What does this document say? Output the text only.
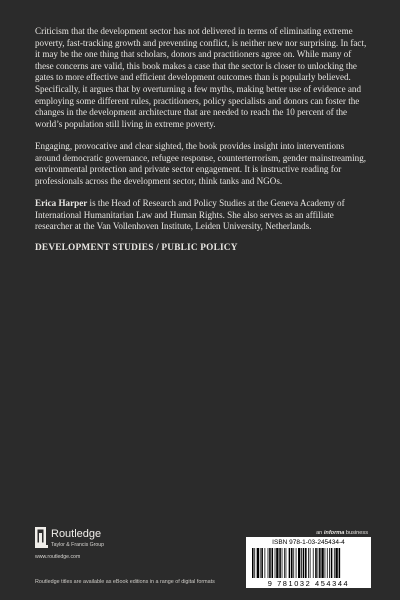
Criticism that the development sector has not delivered in terms of eliminating extreme poverty, fast-tracking growth and preventing conflict, is neither new nor surprising. In fact, it may be the one thing that scholars, donors and practitioners agree on. While many of these concerns are valid, this book makes a case that the sector is closer to unlocking the gates to more effective and efficient development outcomes than is popularly believed. Specifically, it argues that by overturning a few myths, making better use of evidence and employing some different rules, practitioners, policy specialists and donors can foster the changes in the development architecture that are needed to reach the 10 percent of the world’s population still living in extreme poverty.

Engaging, provocative and clear sighted, the book provides insight into interventions around democratic governance, refugee response, counterterrorism, gender mainstreaming, environmental protection and private sector engagement. It is instructive reading for professionals across the development sector, think tanks and NGOs.

Erica Harper is the Head of Research and Policy Studies at the Geneva Academy of International Humanitarian Law and Human Rights. She also serves as an affiliate researcher at the Van Vollenhoven Institute, Leiden University, Netherlands.

DEVELOPMENT STUDIES / PUBLIC POLICY

an informa business
Routledge
Taylor & Francis Group
www.routledge.com
ISBN 978-1-03-245434-4
9 781032 454344
Routledge titles are available as eBook editions in a range of digital formats
